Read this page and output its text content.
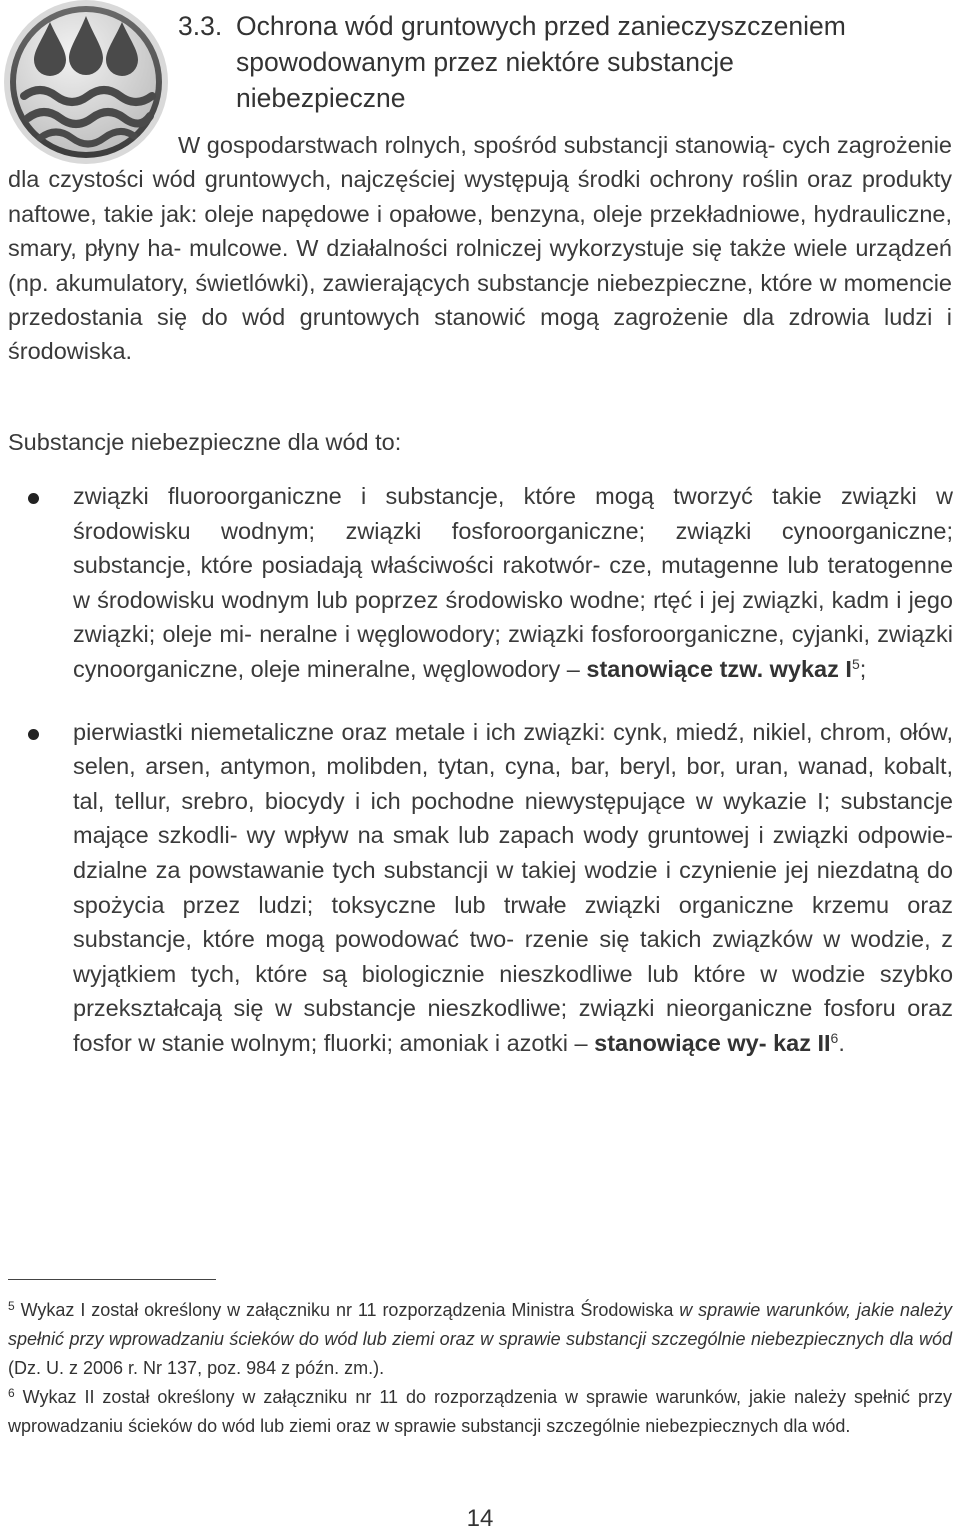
3.3. Ochrona wód gruntowych przed zanieczyszczeniem
spowodowanym przez niektóre substancje
niebezpieczne

W gospodarstwach rolnych, spośród substancji stanowią- cych zagrożenie dla czystości wód gruntowych, najczęściej występują środki ochrony roślin oraz produkty naftowe, takie jak: oleje napędowe i opałowe, benzyna, oleje przekładniowe, hydrauliczne, smary, płyny ha- mulcowe. W działalności rolniczej wykorzystuje się także wiele urządzeń (np. akumulatory, świetlówki), zawierających substancje niebezpieczne, które w momencie przedostania się do wód gruntowych stanowić mogą zagrożenie dla zdrowia ludzi i środowiska.

Substancje niebezpieczne dla wód to:

związki fluoroorganiczne i substancje, które mogą tworzyć takie związki w środowisku wodnym; związki fosforoorganiczne; związki cynoorganiczne; substancje, które posiadają właściwości rakotwór- cze, mutagenne lub teratogenne w środowisku wodnym lub poprzez środowisko wodne; rtęć i jej związki, kadm i jego związki; oleje mi- neralne i węglowodory; związki fosforoorganiczne, cyjanki, związki cynoorganiczne, oleje mineralne, węglowodory – stanowiące tzw. wykaz $I^5$;

pierwiastki niemetaliczne oraz metale i ich związki: cynk, miedź, nikiel, chrom, ołów, selen, arsen, antymon, molibden, tytan, cyna, bar, beryl, bor, uran, wanad, kobalt, tal, tellur, srebro, biocydy i ich pochodne niewystępujące w wykazie I; substancje mające szkodli- wy wpływ na smak lub zapach wody gruntowej i związki odpowie- dzialne za powstawanie tych substancji w takiej wodzie i czynienie jej niezdatną do spożycia przez ludzi; toksyczne lub trwałe związki organiczne krzemu oraz substancje, które mogą powodować two- rzenie się takich związków w wodzie, z wyjątkiem tych, które są biologicznie nieszkodliwe lub które w wodzie szybko przekształcają się w substancje nieszkodliwe; związki nieorganiczne fosforu oraz fosfor w stanie wolnym; fluorki; amoniak i azotki – stanowiące wy- kaz $II^6$.

$^5$ Wykaz I został określony w załączniku nr 11 rozporządzenia Ministra Środowiska w sprawie warunków, jakie należy spełnić przy wprowadzaniu ścieków do wód lub ziemi oraz w sprawie substancji szczególnie niebezpiecznych dla wód (Dz. U. z 2006 r. Nr 137, poz. 984 z późn. zm.).

$^6$ Wykaz II został określony w załączniku nr 11 do rozporządzenia w sprawie warunków, jakie należy spełnić przy wprowadzaniu ścieków do wód lub ziemi oraz w sprawie substancji szczególnie niebezpiecznych dla wód.

14
